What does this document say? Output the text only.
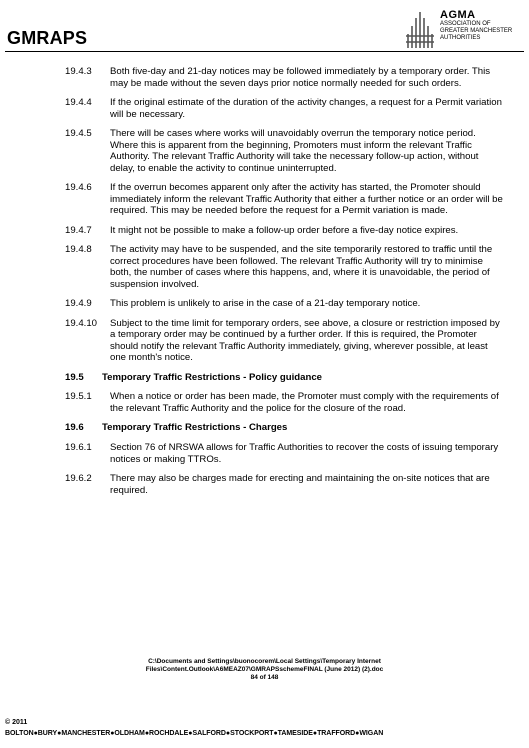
GMRAPS
AGMA
ASSOCIATION OF
GREATER MANCHESTER
AUTHORITIES
19.4.3	Both five-day and 21-day notices may be followed immediately by a temporary order. This may be made without the seven days prior notice normally needed for such orders.
19.4.4	If the original estimate of the duration of the activity changes, a request for a Permit variation will be necessary.
19.4.5	There will be cases where works will unavoidably overrun the temporary notice period. Where this is apparent from the beginning, Promoters must inform the relevant Traffic Authority. The relevant Traffic Authority will take the necessary follow-up action, without delay, to enable the activity to continue uninterrupted.
19.4.6	If the overrun becomes apparent only after the activity has started, the Promoter should immediately inform the relevant Traffic Authority that either a further notice or an order will be required. This may be needed before the request for a Permit variation is made.
19.4.7	It might not be possible to make a follow-up order before a five-day notice expires.
19.4.8	The activity may have to be suspended, and the site temporarily restored to traffic until the correct procedures have been followed. The relevant Traffic Authority will try to minimise both, the number of cases where this happens, and, where it is unavoidable, the period of suspension involved.
19.4.9	This problem is unlikely to arise in the case of a 21-day temporary notice.
19.4.10	Subject to the time limit for temporary orders, see above, a closure or restriction imposed by a temporary order may be continued by a further order. If this is required, the Promoter should notify the relevant Traffic Authority immediately, giving, wherever possible, at least one month's notice.
19.5	Temporary Traffic Restrictions - Policy guidance
19.5.1	When a notice or order has been made, the Promoter must comply with the requirements of the relevant Traffic Authority and the police for the closure of the road.
19.6	Temporary Traffic Restrictions - Charges
19.6.1	Section 76 of NRSWA allows for Traffic Authorities to recover the costs of issuing temporary notices or making TTROs.
19.6.2	There may also be charges made for erecting and maintaining the on-site notices that are required.
C:\Documents and Settings\buonocorem\Local Settings\Temporary Internet
Files\Content.Outlook\A6MEAZ07\GMRAPSschemeFINAL (June 2012) (2).doc
84 of 148
© 2011
BOLTON●BURY●MANCHESTER●OLDHAM●ROCHDALE●SALFORD●STOCKPORT●TAMESIDE●TRAFFORD●WIGAN
